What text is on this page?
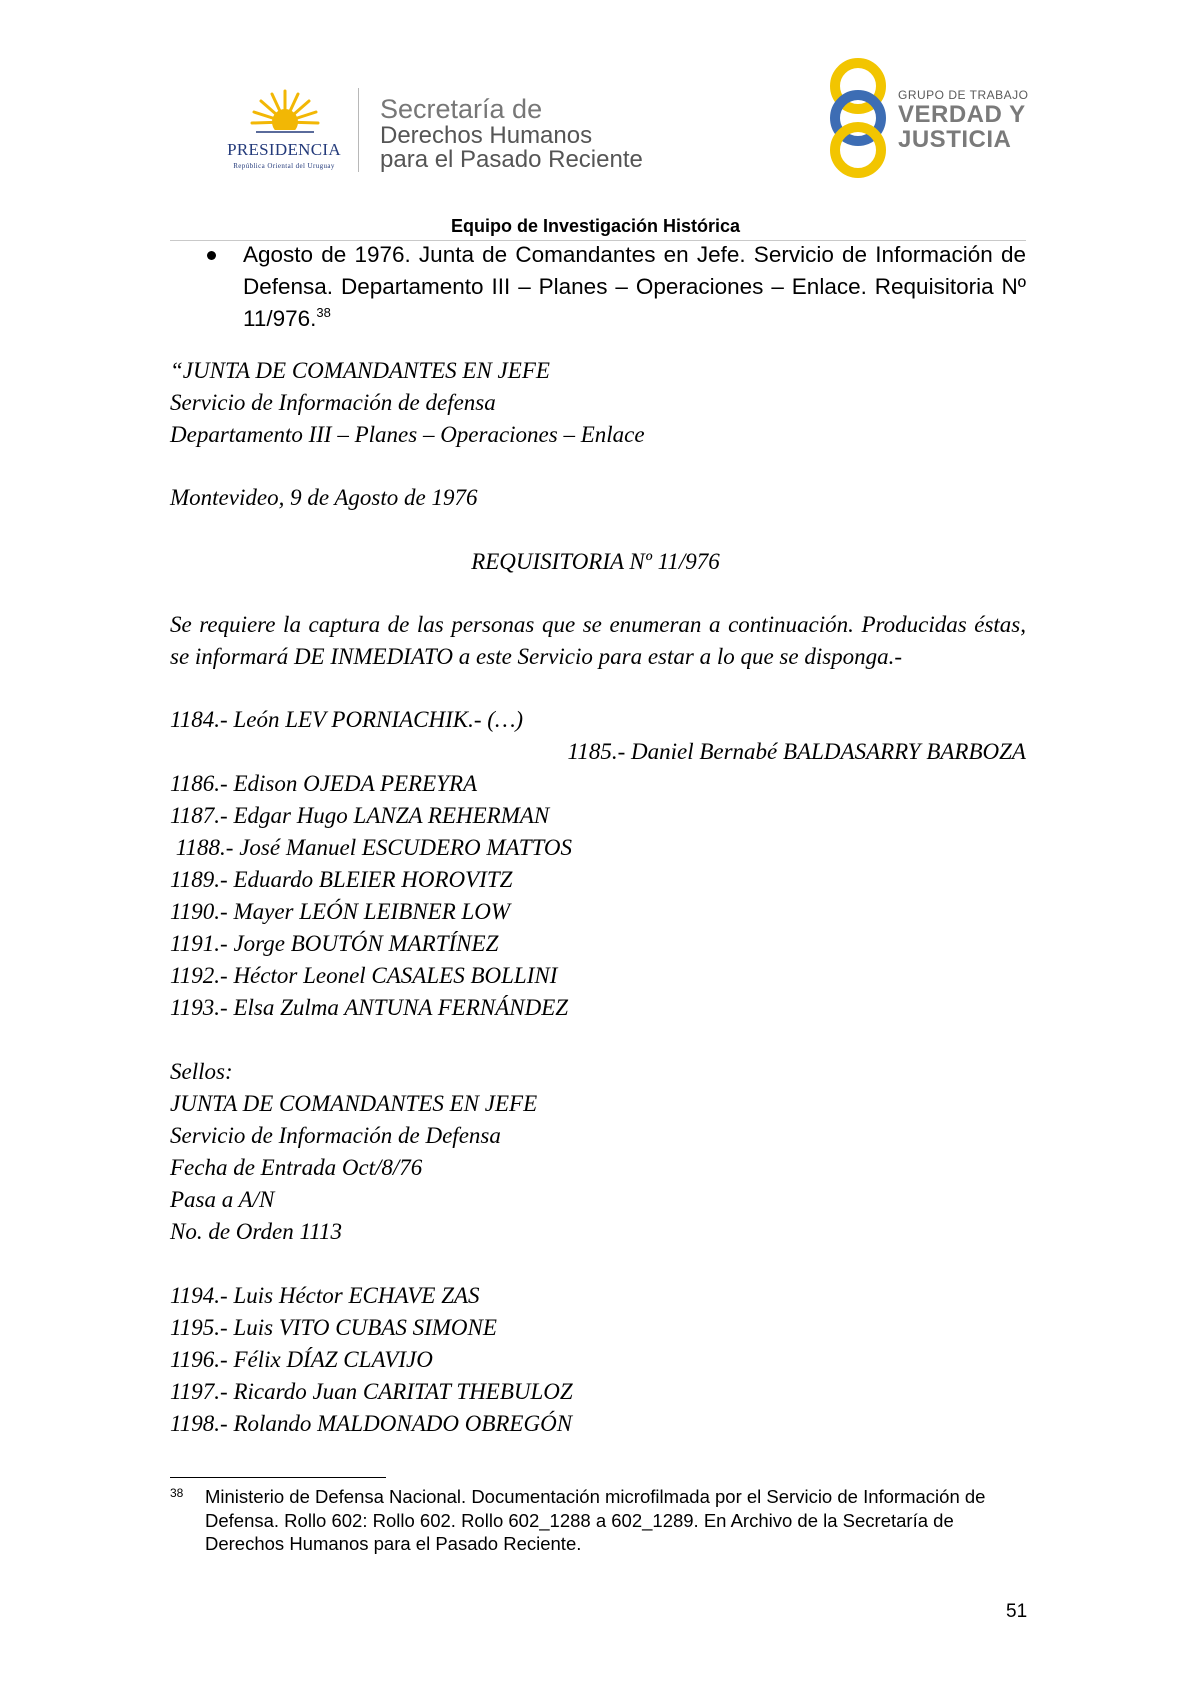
PRESIDENCIA
República Oriental del Uruguay
Secretaría de
Derechos Humanos
para el Pasado Reciente
GRUPO DE TRABAJO
VERDAD Y
JUSTICIA
Equipo de Investigación Histórica
Agosto de 1976. Junta de Comandantes en Jefe. Servicio de Información de Defensa. Departamento III – Planes – Operaciones – Enlace. Requisitoria Nº 11/976.38
“JUNTA DE COMANDANTES EN JEFE
Servicio de Información de defensa
Departamento III – Planes – Operaciones – Enlace
Montevideo, 9 de Agosto de 1976
REQUISITORIA Nº 11/976
Se requiere la captura de las personas que se enumeran a continuación. Producidas éstas, se informará DE INMEDIATO a este Servicio para estar a lo que se disponga.-
1184.- León LEV PORNIACHIK.- (…)
1185.- Daniel Bernabé BALDASARRY BARBOZA
1186.- Edison OJEDA PEREYRA
1187.- Edgar Hugo LANZA REHERMAN
1188.- José Manuel ESCUDERO MATTOS
1189.- Eduardo BLEIER HOROVITZ
1190.- Mayer LEÓN LEIBNER LOW
1191.- Jorge BOUTÓN MARTÍNEZ
1192.- Héctor Leonel CASALES BOLLINI
1193.- Elsa Zulma ANTUNA FERNÁNDEZ
Sellos:
JUNTA DE COMANDANTES EN JEFE
Servicio de Información de Defensa
Fecha de Entrada Oct/8/76
Pasa a A/N
No. de Orden 1113
1194.- Luis Héctor ECHAVE ZAS
1195.- Luis VITO CUBAS SIMONE
1196.- Félix DÍAZ CLAVIJO
1197.- Ricardo Juan CARITAT THEBULOZ
1198.- Rolando MALDONADO OBREGÓN
38 Ministerio de Defensa Nacional. Documentación microfilmada por el Servicio de Información de Defensa. Rollo 602: Rollo 602. Rollo 602_1288 a 602_1289. En Archivo de la Secretaría de Derechos Humanos para el Pasado Reciente.
51
